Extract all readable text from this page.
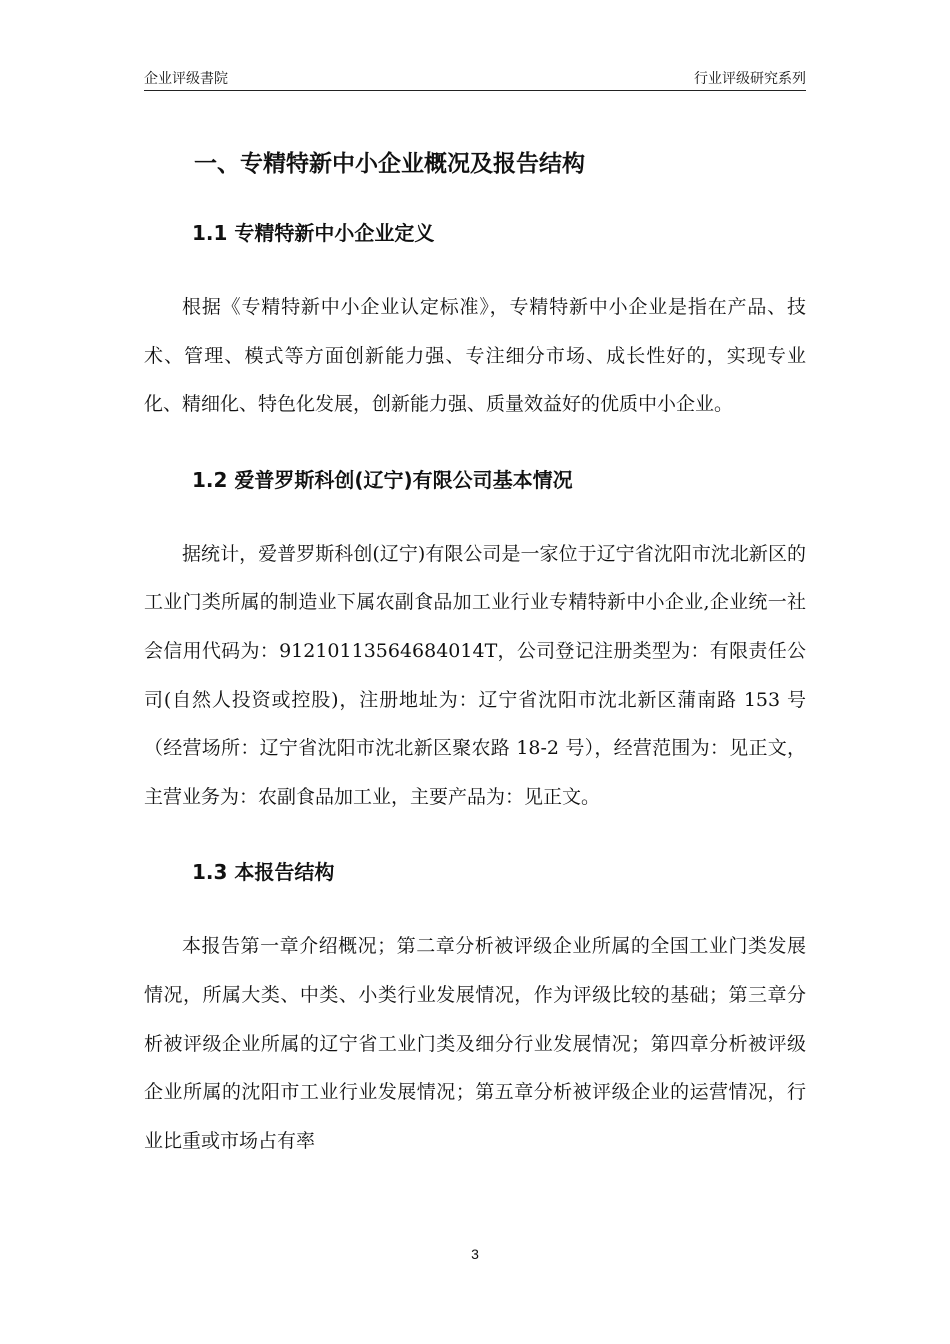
企业评级書院	行业评级研究系列
一、专精特新中小企业概况及报告结构
1.1 专精特新中小企业定义

根据《专精特新中小企业认定标准》，专精特新中小企业是指在产品、技术、管理、模式等方面创新能力强、专注细分市场、成长性好的，实现专业化、精细化、特色化发展，创新能力强、质量效益好的优质中小企业。

1.2 爱普罗斯科创(辽宁)有限公司基本情况

据统计，爱普罗斯科创(辽宁)有限公司是一家位于辽宁省沈阳市沈北新区的工业门类所属的制造业下属农副食品加工业行业专精特新中小企业,企业统一社会信用代码为：91210113564684014T，公司登记注册类型为：有限责任公司(自然人投资或控股)，注册地址为：辽宁省沈阳市沈北新区蒲南路 153 号（经营场所：辽宁省沈阳市沈北新区聚农路 18-2 号），经营范围为：见正文，主营业务为：农副食品加工业，主要产品为：见正文。

1.3 本报告结构

本报告第一章介绍概况；第二章分析被评级企业所属的全国工业门类发展情况，所属大类、中类、小类行业发展情况，作为评级比较的基础；第三章分析被评级企业所属的辽宁省工业门类及细分行业发展情况；第四章分析被评级企业所属的沈阳市工业行业发展情况；第五章分析被评级企业的运营情况，行业比重或市场占有率

3
